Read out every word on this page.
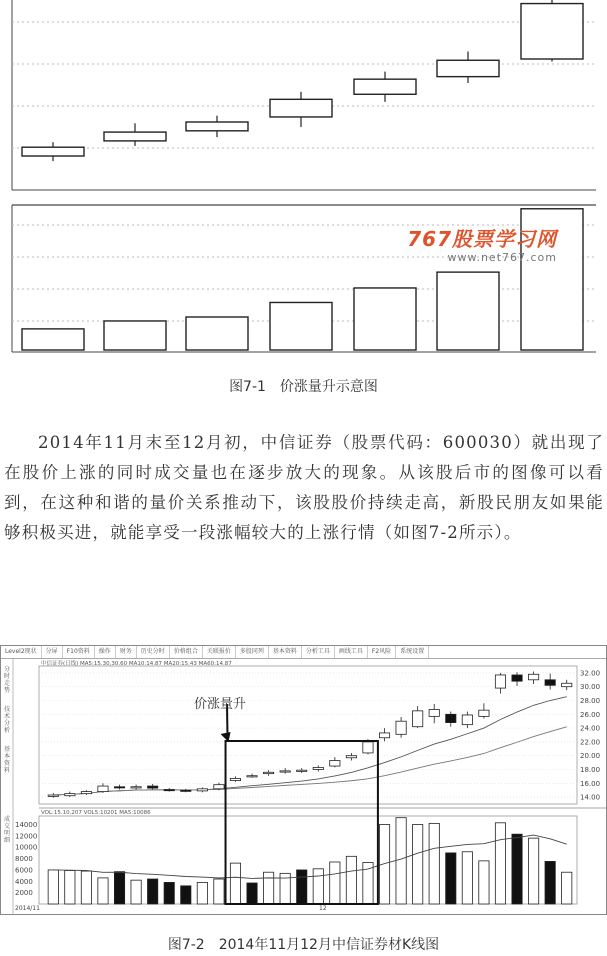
767股票学习网
www.net767.com
图7-1　价涨量升示意图
2014年11月末至12月初，中信证券（股票代码：600030）就出现了在股价上涨的同时成交量也在逐步放大的现象。从该股后市的图像可以看到，在这种和谐的量价关系推动下，该股股价持续走高，新股民朋友如果能够积极买进，就能享受一段涨幅较大的上涨行情（如图7-2所示）。
32.00
30.00
28.00
26.00
24.00
22.00
20.00
18.00
16.00
14.00
14000
12000
10000
8000
6000
4000
2000
Level2现状	分屏	F10资料	操作	财务	历史分时	价格组合	关联报价	多股同列	基本资料	分析工具	画线工具	F2风险	系统设置
中信证券(日线) MA5:15.30,30.60 MA10:14.87 MA20:15.43 MA60:14.87
VOL:15.10,207 VOL5:10201 MA5:10086
分时走势
技术分析
基本资料
成交明细
2014/11	12
价涨量升
图7-2　2014年11月12月中信证券材K线图
